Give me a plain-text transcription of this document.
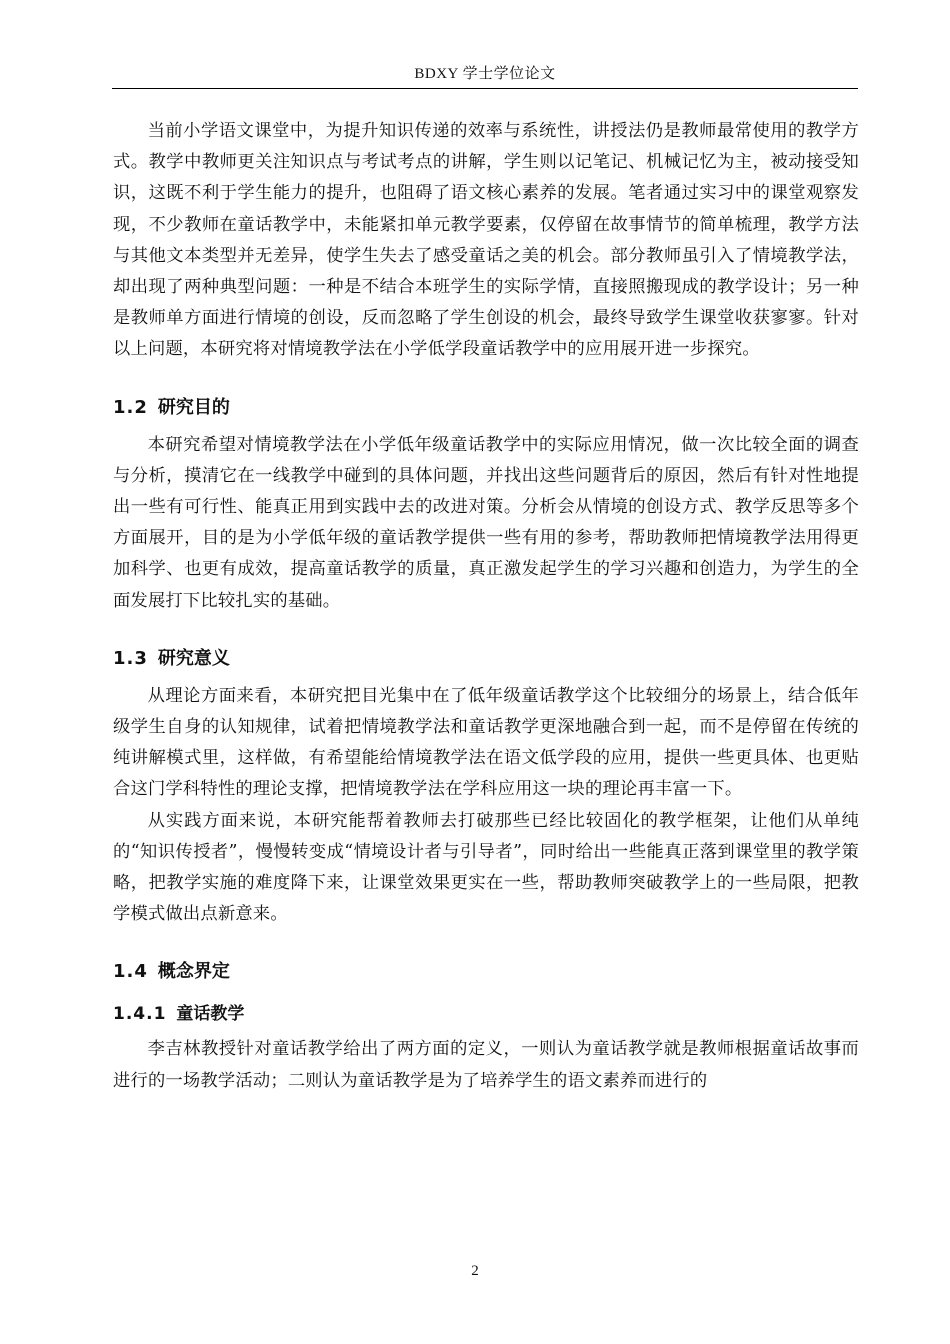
BDXY 学士学位论文

当前小学语文课堂中，为提升知识传递的效率与系统性，讲授法仍是教师最常使用的教学方式。教学中教师更关注知识点与考试考点的讲解，学生则以记笔记、机械记忆为主，被动接受知识，这既不利于学生能力的提升，也阻碍了语文核心素养的发展。笔者通过实习中的课堂观察发现，不少教师在童话教学中，未能紧扣单元教学要素，仅停留在故事情节的简单梳理，教学方法与其他文本类型并无差异，使学生失去了感受童话之美的机会。部分教师虽引入了情境教学法，却出现了两种典型问题：一种是不结合本班学生的实际学情，直接照搬现成的教学设计；另一种是教师单方面进行情境的创设，反而忽略了学生创设的机会，最终导致学生课堂收获寥寥。针对以上问题，本研究将对情境教学法在小学低学段童话教学中的应用展开进一步探究。

1.2 研究目的

本研究希望对情境教学法在小学低年级童话教学中的实际应用情况，做一次比较全面的调查与分析，摸清它在一线教学中碰到的具体问题，并找出这些问题背后的原因，然后有针对性地提出一些有可行性、能真正用到实践中去的改进对策。分析会从情境的创设方式、教学反思等多个方面展开，目的是为小学低年级的童话教学提供一些有用的参考，帮助教师把情境教学法用得更加科学、也更有成效，提高童话教学的质量，真正激发起学生的学习兴趣和创造力，为学生的全面发展打下比较扎实的基础。

1.3 研究意义

从理论方面来看，本研究把目光集中在了低年级童话教学这个比较细分的场景上，结合低年级学生自身的认知规律，试着把情境教学法和童话教学更深地融合到一起，而不是停留在传统的纯讲解模式里，这样做，有希望能给情境教学法在语文低学段的应用，提供一些更具体、也更贴合这门学科特性的理论支撑，把情境教学法在学科应用这一块的理论再丰富一下。

从实践方面来说，本研究能帮着教师去打破那些已经比较固化的教学框架，让他们从单纯的“知识传授者”，慢慢转变成“情境设计者与引导者”，同时给出一些能真正落到课堂里的教学策略，把教学实施的难度降下来，让课堂效果更实在一些，帮助教师突破教学上的一些局限，把教学模式做出点新意来。

1.4 概念界定
1.4.1 童话教学

李吉林教授针对童话教学给出了两方面的定义，一则认为童话教学就是教师根据童话故事而进行的一场教学活动；二则认为童话教学是为了培养学生的语文素养而进行的

2
